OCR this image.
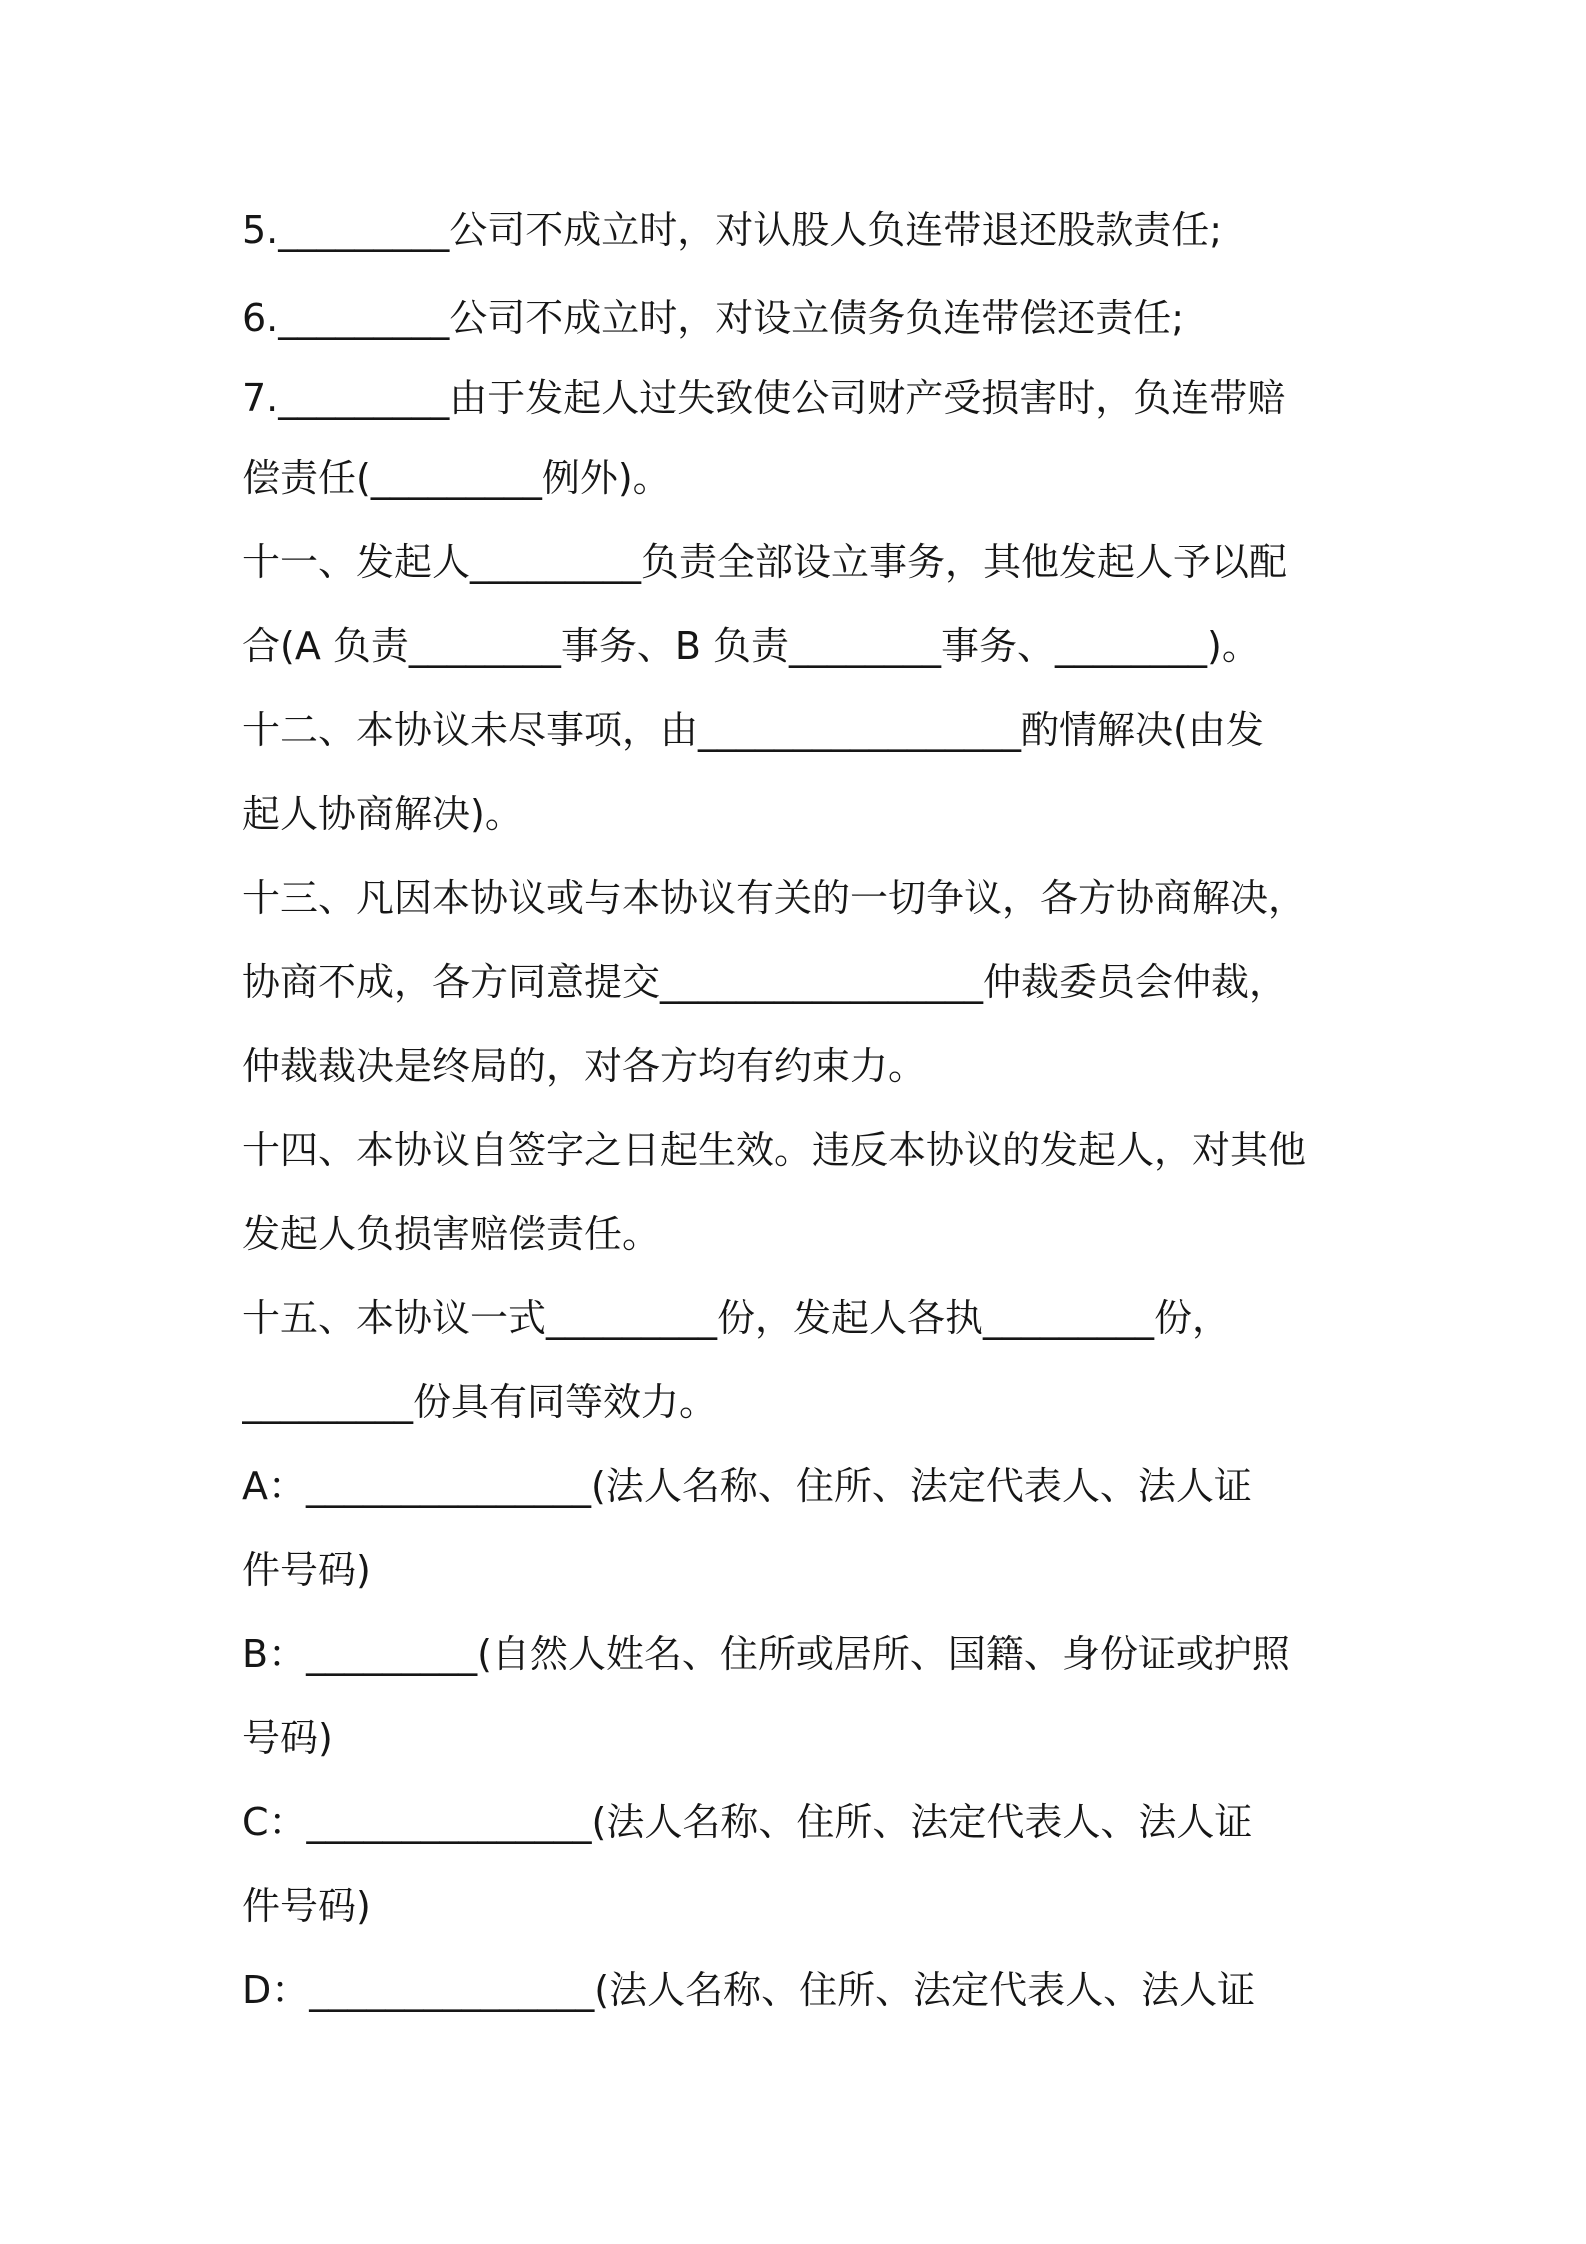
5._________公司不成立时，对认股人负连带退还股款责任;
6._________公司不成立时，对设立债务负连带偿还责任;
7._________由于发起人过失致使公司财产受损害时，负连带赔
偿责任(_________例外)。
十一、发起人_________负责全部设立事务，其他发起人予以配
合(A 负责________事务、B 负责________事务、________)。
十二、本协议未尽事项，由_________________酌情解决(由发
起人协商解决)。
十三、凡因本协议或与本协议有关的一切争议，各方协商解决，
协商不成，各方同意提交_________________仲裁委员会仲裁，
仲裁裁决是终局的，对各方均有约束力。
十四、本协议自签字之日起生效。违反本协议的发起人，对其他
发起人负损害赔偿责任。
十五、本协议一式_________份，发起人各执_________份，
_________份具有同等效力。
A：_______________(法人名称、住所、法定代表人、法人证
件号码)
B：_________(自然人姓名、住所或居所、国籍、身份证或护照
号码)
C：_______________(法人名称、住所、法定代表人、法人证
件号码)
D：_______________(法人名称、住所、法定代表人、法人证
